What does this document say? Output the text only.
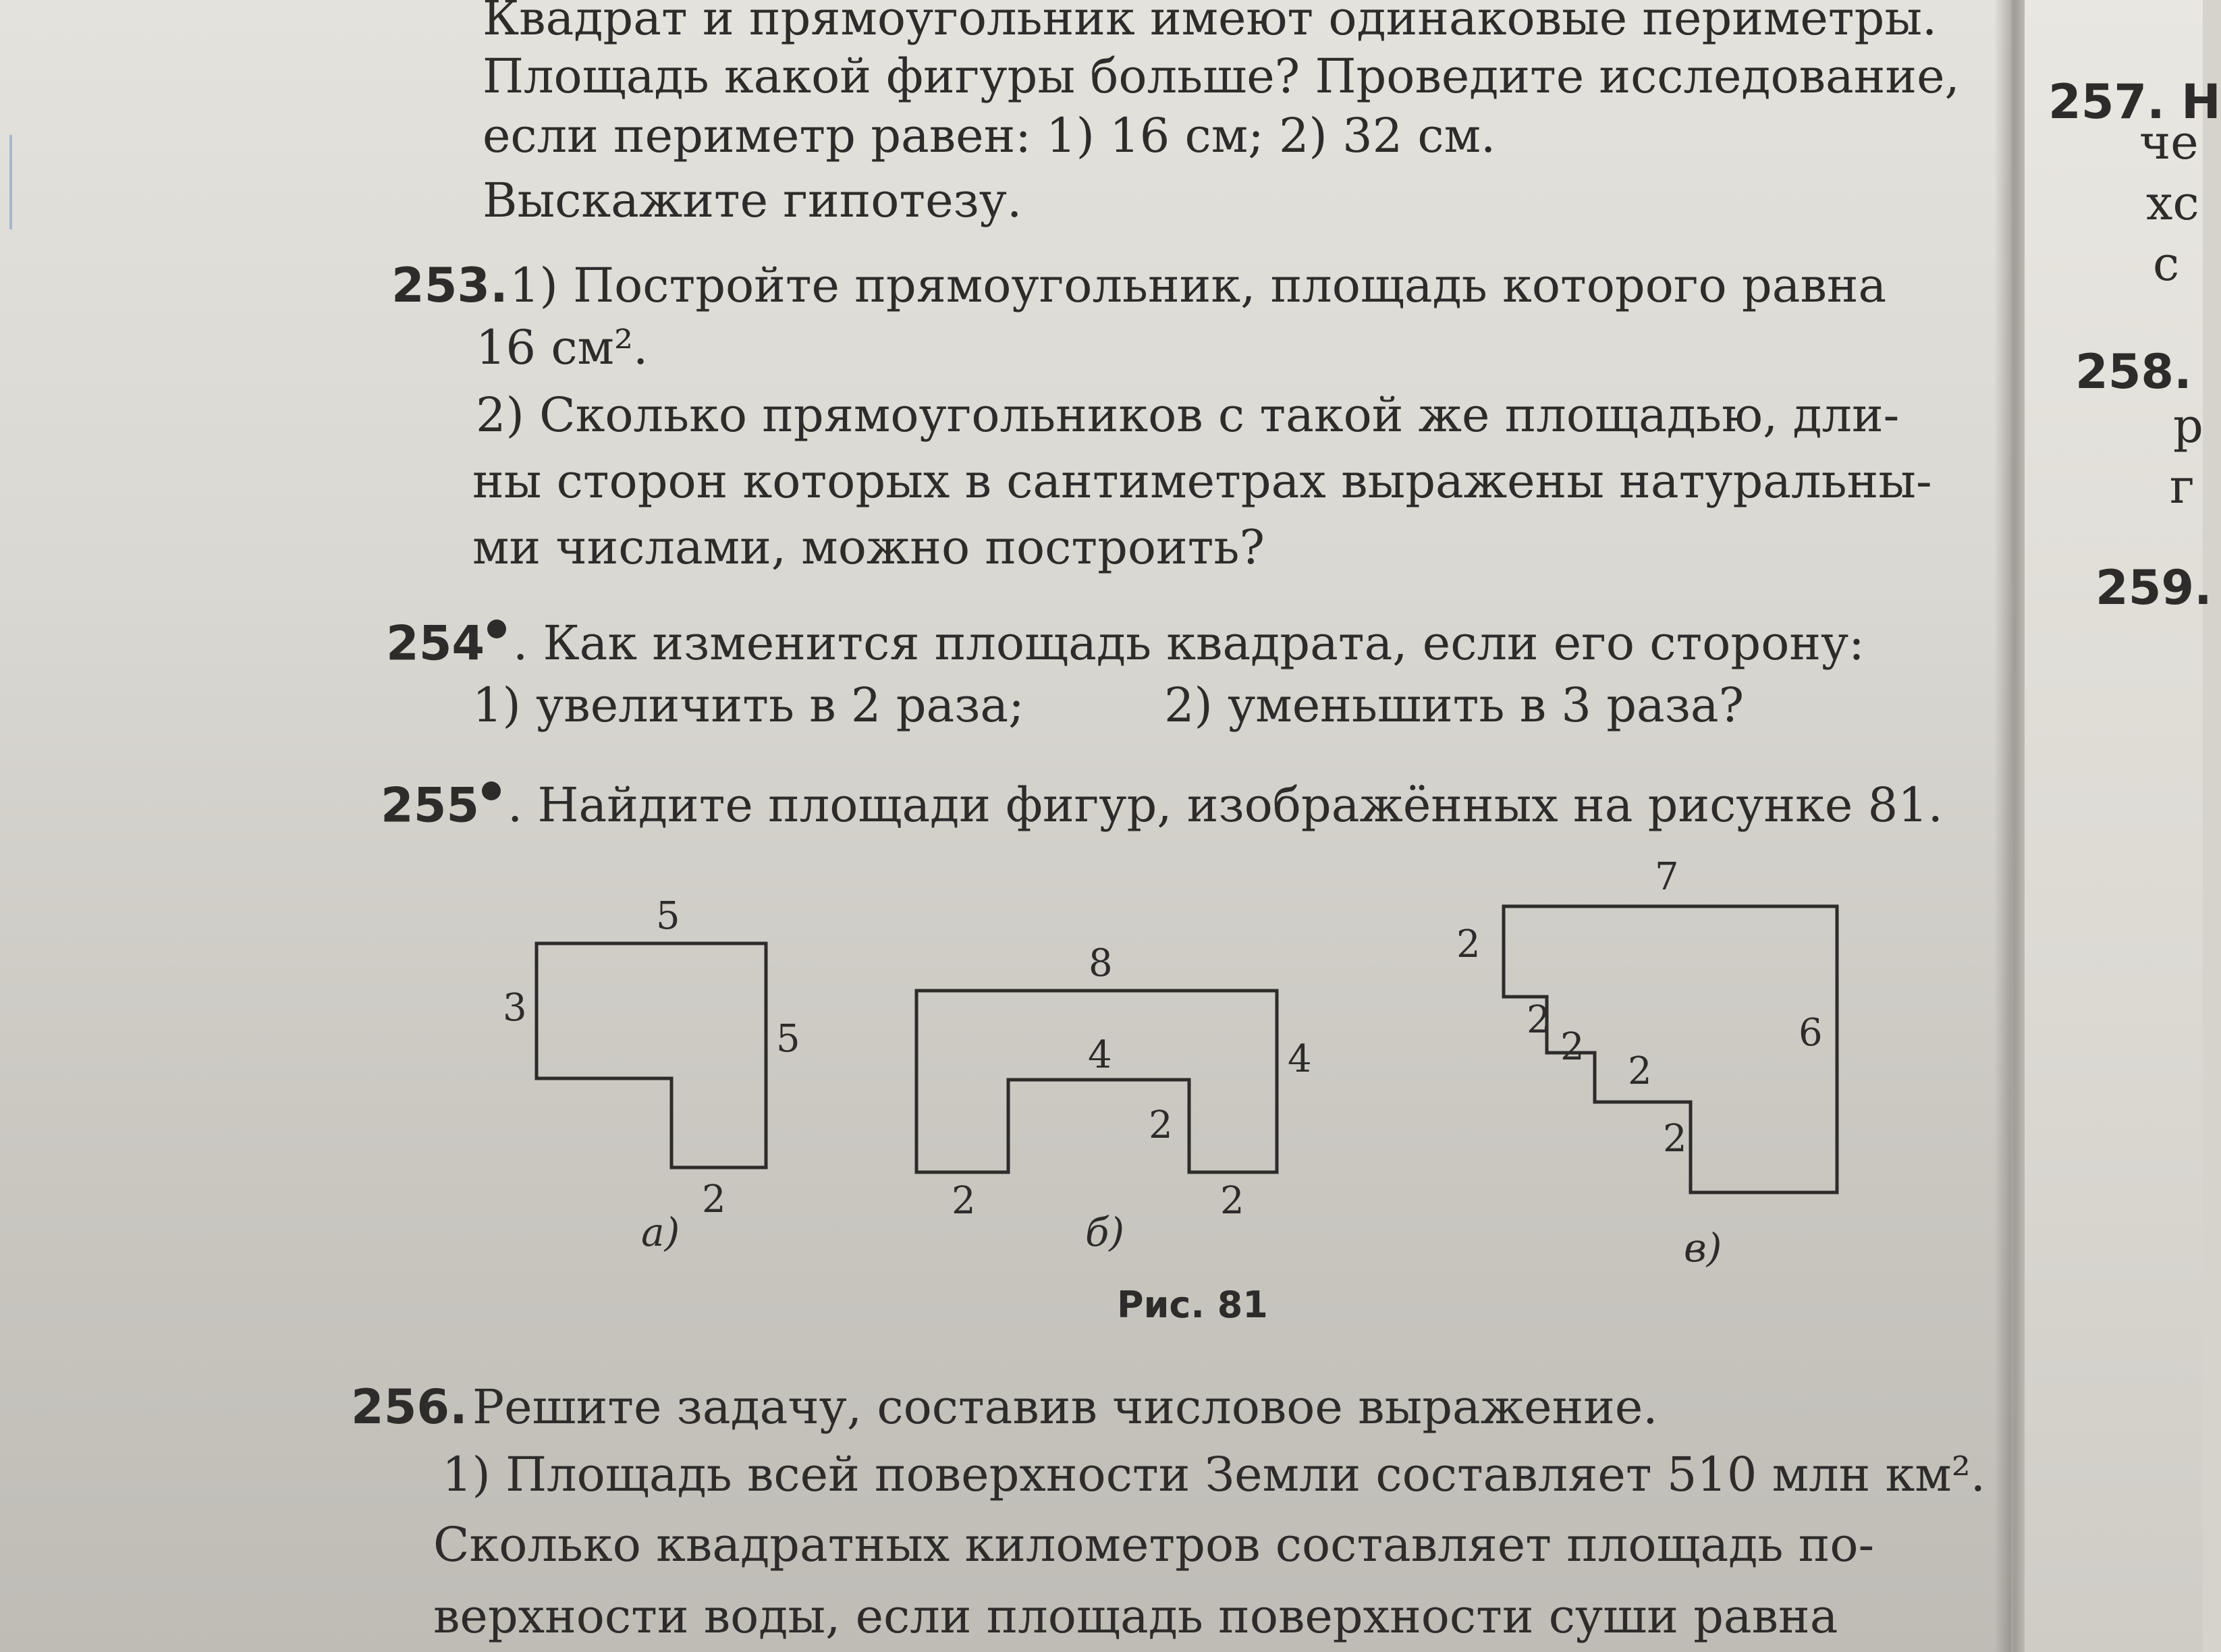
Квадрат и прямоугольник имеют одинаковые периметры.
Площадь какой фигуры больше? Проведите исследование,
если периметр равен: 1) 16 см; 2) 32 см.
Выскажите гипотезу.
253. 1) Постройте прямоугольник, площадь которого равна
16 см².
2) Сколько прямоугольников с такой же площадью, дли-
ны сторон которых в сантиметрах выражены натуральны-
ми числами, можно построить?
254 . Как изменится площадь квадрата, если его сторону:
1) увеличить в 2 раза;	2) уменьшить в 3 раза?
255 . Найдите площади фигур, изображённых на рисунке 81.
5
3
5
2
а)
8
4	4
2
2	2
б)
7
2
2
2
2
2
6
в)
Рис. 81
256. Решите задачу, составив числовое выражение.
1) Площадь всей поверхности Земли составляет 510 млн км².
Сколько квадратных километров составляет площадь по-
верхности воды, если площадь поверхности суши равна
257. Н
че
хс
с
258.
р
г
259.
